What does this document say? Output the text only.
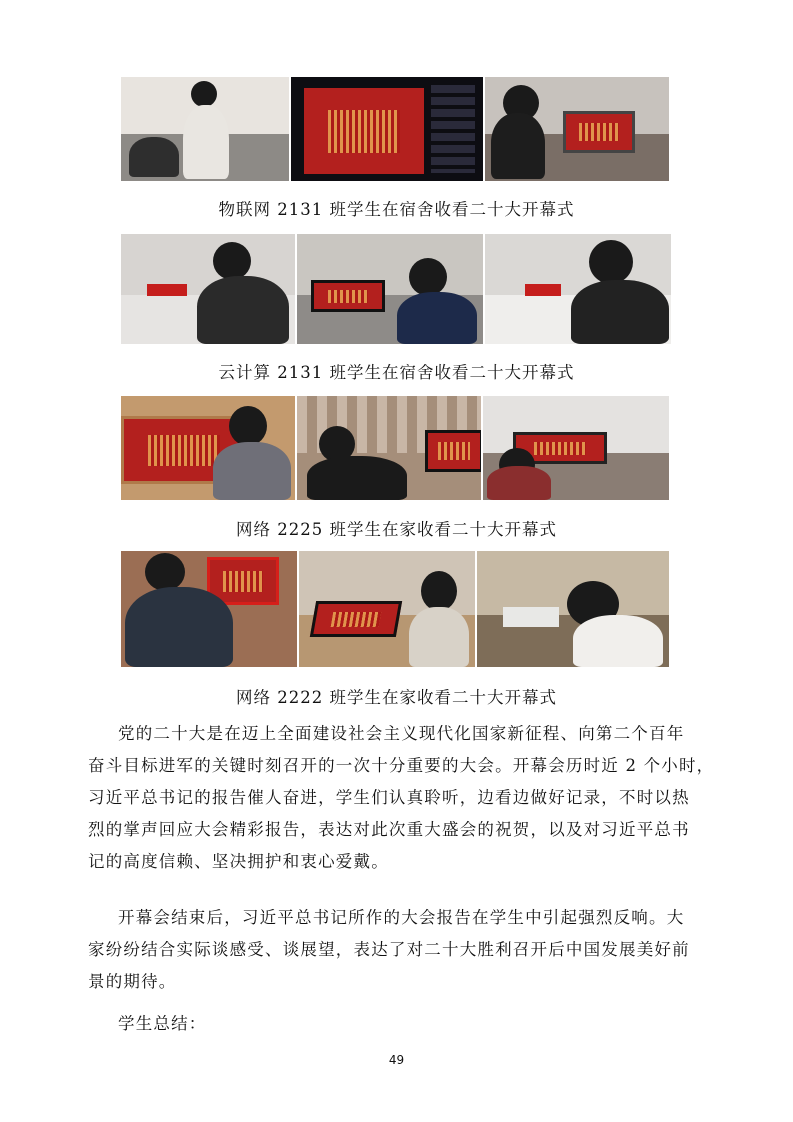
物联网 2131 班学生在宿舍收看二十大开幕式
云计算 2131 班学生在宿舍收看二十大开幕式
网络 2225 班学生在家收看二十大开幕式
网络 2222 班学生在家收看二十大开幕式

党的二十大是在迈上全面建设社会主义现代化国家新征程、向第二个百年
奋斗目标进军的关键时刻召开的一次十分重要的大会。开幕会历时近 2 个小时，
习近平总书记的报告催人奋进，学生们认真聆听，边看边做好记录，不时以热
烈的掌声回应大会精彩报告，表达对此次重大盛会的祝贺，以及对习近平总书
记的高度信赖、坚决拥护和衷心爱戴。

开幕会结束后，习近平总书记所作的大会报告在学生中引起强烈反响。大
家纷纷结合实际谈感受、谈展望，表达了对二十大胜利召开后中国发展美好前
景的期待。

学生总结：

49
